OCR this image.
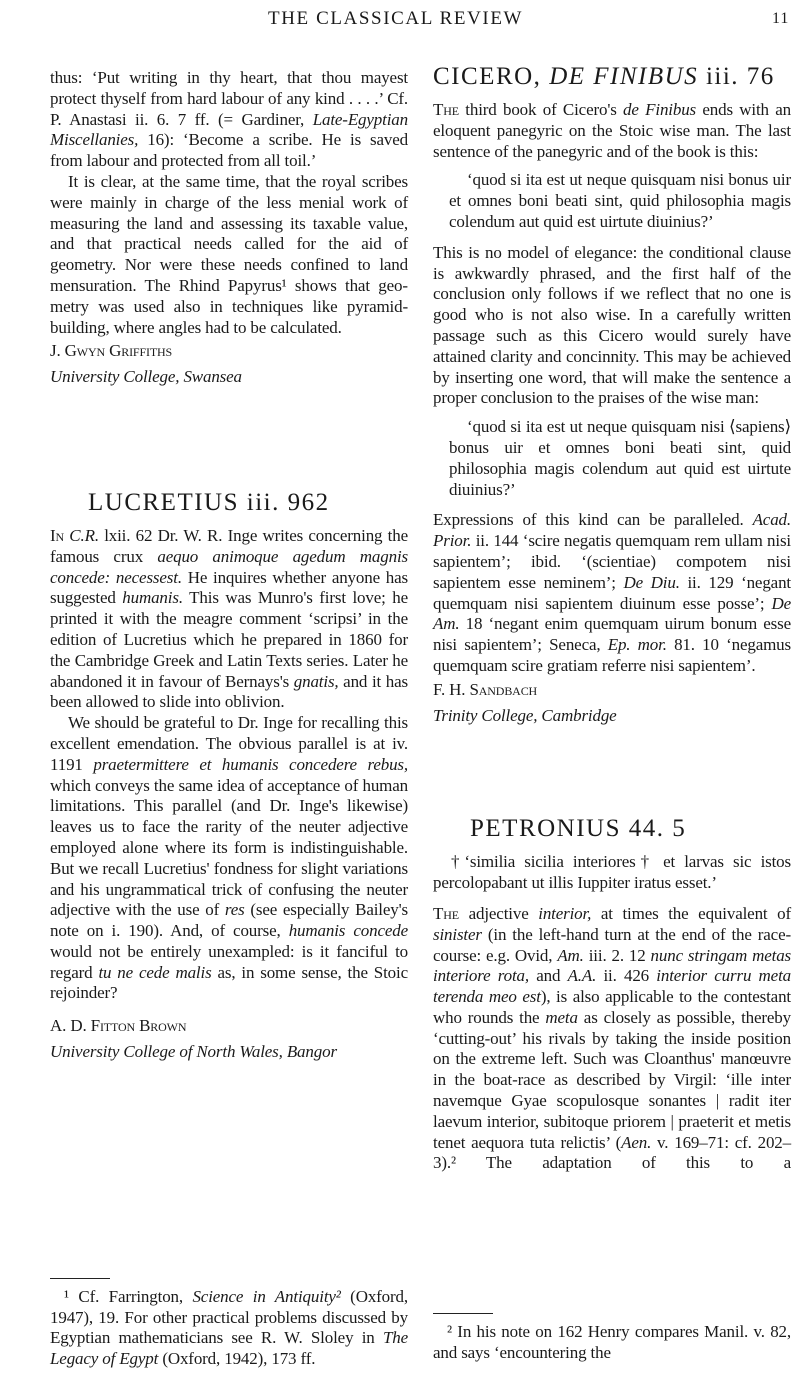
THE CLASSICAL REVIEW	11

thus: ‘Put writing in thy heart, that thou mayest protect thyself from hard labour of any kind . . . .’ Cf. P. Anastasi ii. 6. 7 ff. (= Gardiner, Late-Egyptian Miscellanies, 16): ‘Become a scribe. He is saved from labour and protected from all toil.’

It is clear, at the same time, that the royal scribes were mainly in charge of the less menial work of measuring the land and assessing its taxable value, and that practical needs called for the aid of geometry. Nor were these needs confined to land mensuration. The Rhind Papyrus¹ shows that geometry was used also in techniques like pyramid-building, where angles had to be calculated.

J. Gwyn Griffiths

University College, Swansea

LUCRETIUS iii. 962

In C.R. lxii. 62 Dr. W. R. Inge writes concerning the famous crux aequo animoque agedum magnis concede: necessest. He inquires whether anyone has suggested humanis. This was Munro's first love; he printed it with the meagre comment ‘scripsi’ in the edition of Lucretius which he prepared in 1860 for the Cambridge Greek and Latin Texts series. Later he abandoned it in favour of Bernays's gnatis, and it has been allowed to slide into oblivion.

We should be grateful to Dr. Inge for recalling this excellent emendation. The obvious parallel is at iv. 1191 praetermittere et humanis concedere rebus, which conveys the same idea of acceptance of human limitations. This parallel (and Dr. Inge's likewise) leaves us to face the rarity of the neuter adjective employed alone where its form is indistinguishable. But we recall Lucretius' fondness for slight variations and his ungrammatical trick of confusing the neuter adjective with the use of res (see especially Bailey's note on i. 190). And, of course, humanis concede would not be entirely unexampled: is it fanciful to regard tu ne cede malis as, in some sense, the Stoic rejoinder?

A. D. Fitton Brown

University College of North Wales, Bangor

¹ Cf. Farrington, Science in Antiquity² (Oxford, 1947), 19. For other practical problems discussed by Egyptian mathematicians see R. W. Sloley in The Legacy of Egypt (Oxford, 1942), 173 ff.

CICERO, DE FINIBUS iii. 76

The third book of Cicero's de Finibus ends with an eloquent panegyric on the Stoic wise man. The last sentence of the panegyric and of the book is this:

‘quod si ita est ut neque quisquam nisi bonus uir et omnes boni beati sint, quid philosophia magis colendum aut quid est uirtute diuinius?’

This is no model of elegance: the conditional clause is awkwardly phrased, and the first half of the conclusion only follows if we reflect that no one is good who is not also wise. In a carefully written passage such as this Cicero would surely have attained clarity and concinnity. This may be achieved by inserting one word, that will make the sentence a proper conclusion to the praises of the wise man:

‘quod si ita est ut neque quisquam nisi ⟨sapiens⟩ bonus uir et omnes boni beati sint, quid philosophia magis colendum aut quid est uirtute diuinius?’

Expressions of this kind can be paralleled. Acad. Prior. ii. 144 ‘scire negatis quemquam rem ullam nisi sapientem’; ibid. ‘(scientiae) compotem nisi sapientem esse neminem’; De Diu. ii. 129 ‘negant quemquam nisi sapientem diuinum esse posse’; De Am. 18 ‘negant enim quemquam uirum bonum esse nisi sapientem’; Seneca, Ep. mor. 81. 10 ‘negamus quemquam scire gratiam referre nisi sapientem’.

F. H. Sandbach

Trinity College, Cambridge

PETRONIUS 44. 5

†‘similia sicilia interiores† et larvas sic istos percolopabant ut illis Iuppiter iratus esset.’

The adjective interior, at times the equivalent of sinister (in the left-hand turn at the end of the race-course: e.g. Ovid, Am. iii. 2. 12 nunc stringam metas interiore rota, and A.A. ii. 426 interior curru meta terenda meo est), is also applicable to the contestant who rounds the meta as closely as possible, thereby ‘cutting-out’ his rivals by taking the inside position on the extreme left. Such was Cloanthus' manœuvre in the boat-race as described by Virgil: ‘ille inter navemque Gyae scopulosque sonantes | radit iter laevum interior, subitoque priorem | praeterit et metis tenet aequora tuta relictis’ (Aen. v. 169–71: cf. 202–3).² The adaptation of this to a

² In his note on 162 Henry compares Manil. v. 82, and says ‘encountering the
